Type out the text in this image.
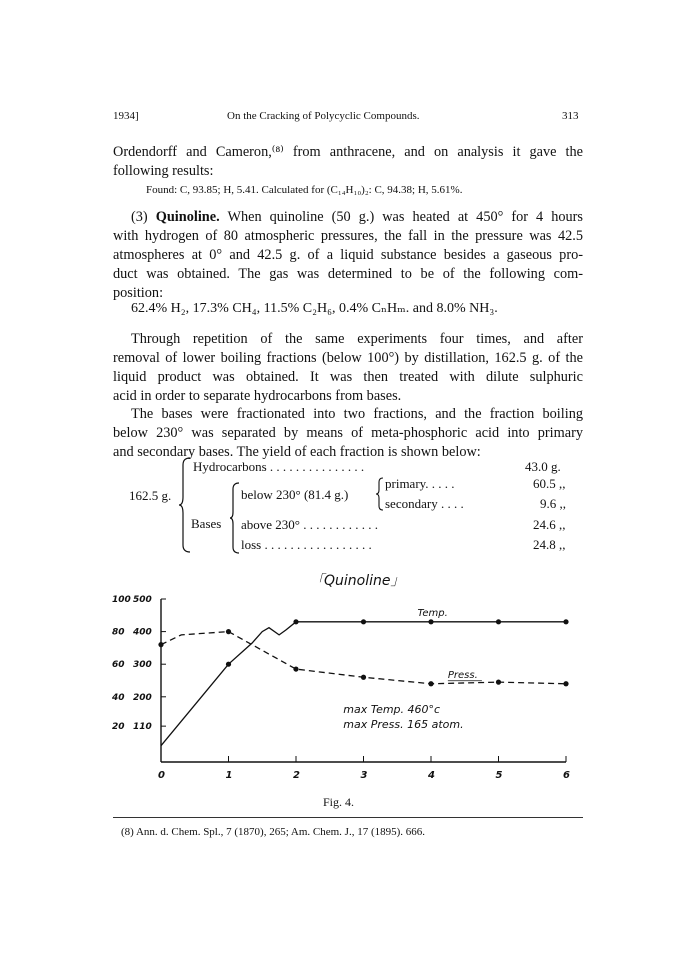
1934]	On the Cracking of Polycyclic Compounds.	313
Ordendorff and Cameron,⁽⁸⁾ from anthracene, and on analysis it gave the
following results:
Found: C, 93.85; H, 5.41. Calculated for (C₁₄H₁₀)₂: C, 94.38; H, 5.61%.
(3) Quinoline. When quinoline (50 g.) was heated at 450° for 4 hours
with hydrogen of 80 atmospheric pressures, the fall in the pressure was 42.5
atmospheres at 0° and 42.5 g. of a liquid substance besides a gaseous pro-
duct was obtained. The gas was determined to be of the following com-
position:
62.4% H₂, 17.3% CH₄, 11.5% C₂H₆, 0.4% CₙHₘ. and 8.0% NH₃.
Through repetition of the same experiments four times, and after
removal of lower boiling fractions (below 100°) by distillation, 162.5 g. of the
liquid product was obtained. It was then treated with dilute sulphuric
acid in order to separate hydrocarbons from bases.
The bases were fractionated into two fractions, and the fraction boiling
below 230° was separated by means of meta-phosphoric acid into primary
and secondary bases. The yield of each fraction is shown below:
162.5 g.
Hydrocarbons . . . . . . . . . . . . . . .	43.0 g.
Bases
below 230° (81.4 g.)
primary. . . . .	60.5 ,,
secondary . . . .	9.6 ,,
above 230° . . . . . . . . . . . .	24.6 ,,
loss . . . . . . . . . . . . . . . . .	24.8 ,,
「Quinoline」
100 500
80 400
60 300
40 200
20 110
0	1	2	3	4	5	6
Temp.
Press.
max Temp. 460°c
max Press. 165 atom.
Fig. 4.
(8) Ann. d. Chem. Spl., 7 (1870), 265; Am. Chem. J., 17 (1895). 666.
